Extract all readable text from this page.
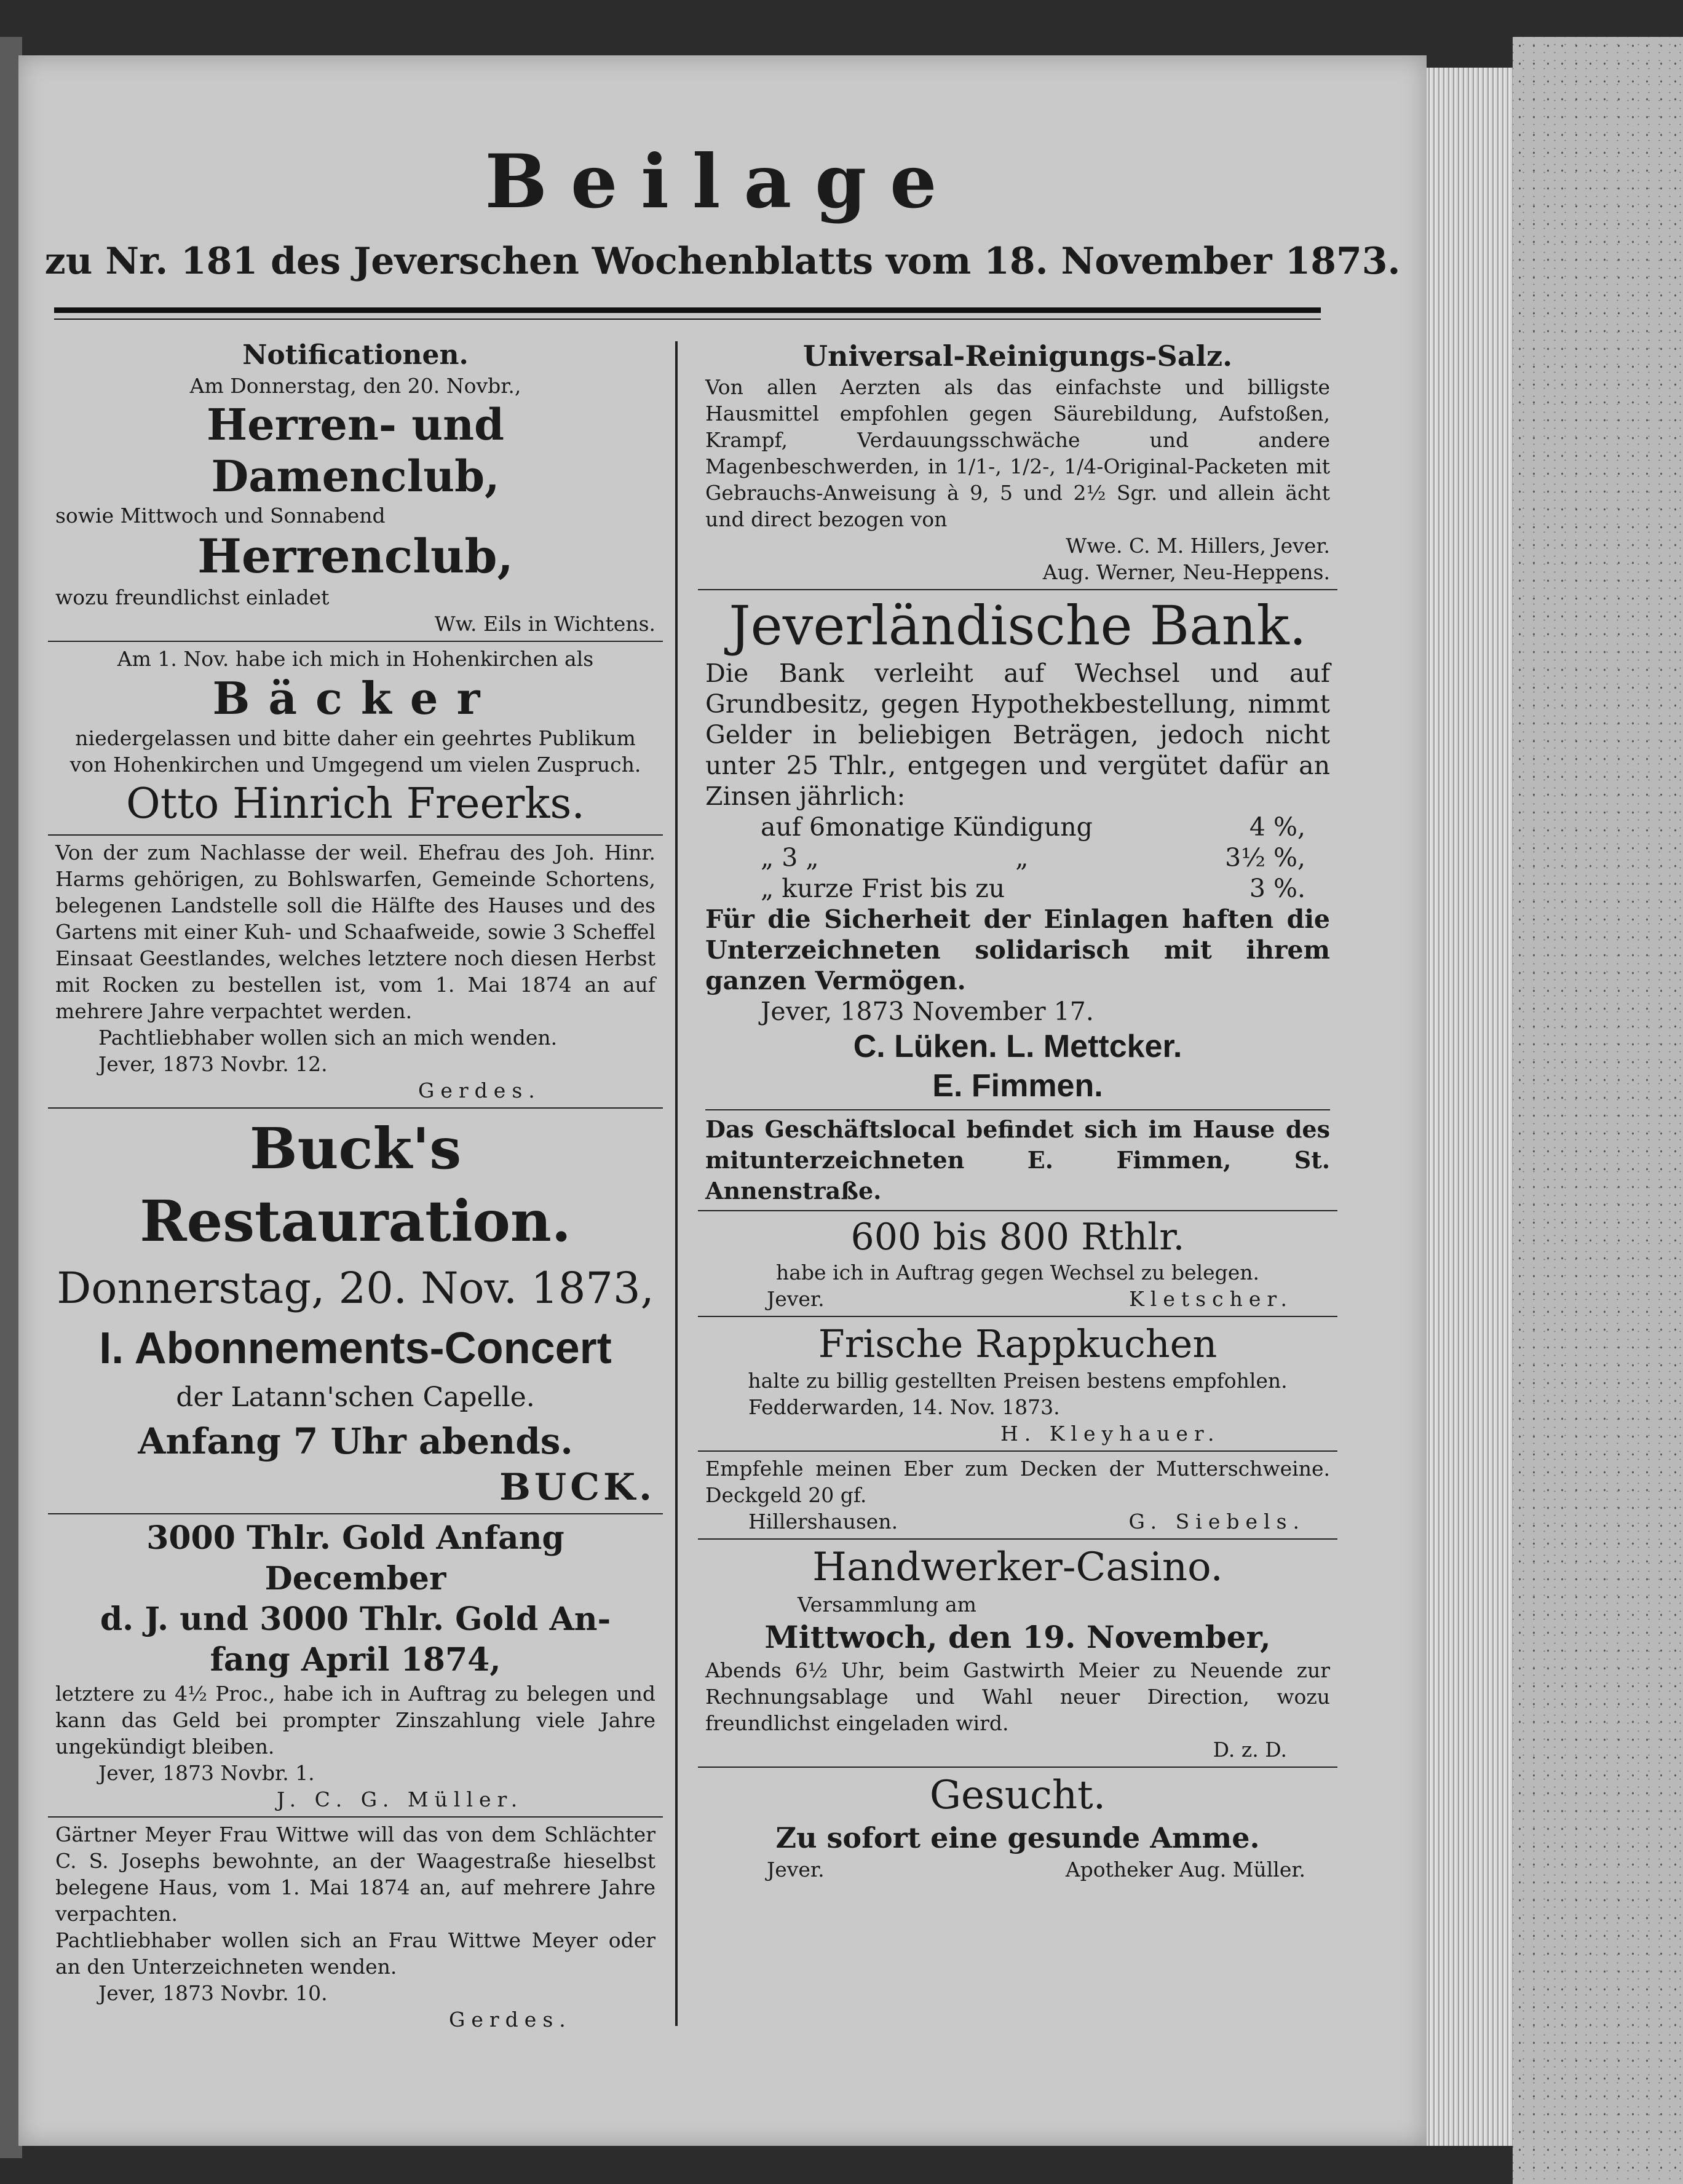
Beilage
zu Nr. 181 des Jeverschen Wochenblatts vom 18. November 1873.
Notificationen.
Am Donnerstag, den 20. Novbr.,
Herren- und Damenclub,
sowie Mittwoch und Sonnabend
Herrenclub,
wozu freundlichst einladet
Ww. Eils in Wichtens.
Am 1. Nov. habe ich mich in Hohenkirchen als
Bäcker
niedergelassen und bitte daher ein geehrtes Publikum
von Hohenkirchen und Umgegend um vielen Zuspruch.
Otto Hinrich Freerks.
Von der zum Nachlasse der weil. Ehefrau des Joh. Hinr. Harms gehörigen, zu Bohlswarfen, Gemeinde Schortens, belegenen Landstelle soll die Hälfte des Hauses und des Gartens mit einer Kuh- und Schaafweide, sowie 3 Scheffel Einsaat Geestlandes, welches letztere noch diesen Herbst mit Rocken zu bestellen ist, vom 1. Mai 1874 an auf mehrere Jahre verpachtet werden.
Pachtliebhaber wollen sich an mich wenden.
Jever, 1873 Novbr. 12.
Gerdes.
Buck's Restauration.
Donnerstag, 20. Nov. 1873,
I. Abonnements-Concert
der Latann'schen Capelle.
Anfang 7 Uhr abends.
BUCK.
3000 Thlr. Gold Anfang December
d. J. und 3000 Thlr. Gold An-
fang April 1874,
letztere zu 4½ Proc., habe ich in Auftrag zu belegen und kann das Geld bei prompter Zinszahlung viele Jahre ungekündigt bleiben.
Jever, 1873 Novbr. 1.
J. C. G. Müller.
Gärtner Meyer Frau Wittwe will das von dem Schlächter C. S. Josephs bewohnte, an der Waagestraße hieselbst belegene Haus, vom 1. Mai 1874 an, auf mehrere Jahre verpachten.
Pachtliebhaber wollen sich an Frau Wittwe Meyer oder an den Unterzeichneten wenden.
Jever, 1873 Novbr. 10.
Gerdes.
Universal-Reinigungs-Salz.
Von allen Aerzten als das einfachste und billigste Hausmittel empfohlen gegen Säurebildung, Aufstoßen, Krampf, Verdauungsschwäche und andere Magenbeschwerden, in 1/1-, 1/2-, 1/4-Original-Packeten mit Gebrauchs-Anweisung à 9, 5 und 2½ Sgr. und allein ächt und direct bezogen von
Wwe. C. M. Hillers, Jever.
Aug. Werner, Neu-Heppens.
Jeverländische Bank.
Die Bank verleiht auf Wechsel und auf Grundbesitz, gegen Hypothekbestellung, nimmt Gelder in beliebigen Beträgen, jedoch nicht unter 25 Thlr., entgegen und vergütet dafür an Zinsen jährlich:
auf 6monatige Kündigung	4 %,
„ 3 „	„	3½ %,
„ kurze Frist bis zu	3 %.
Für die Sicherheit der Einlagen haften die Unterzeichneten solidarisch mit ihrem ganzen Vermögen.
Jever, 1873 November 17.
C. Lüken. L. Mettcker.
E. Fimmen.
Das Geschäftslocal befindet sich im Hause des mitunterzeichneten E. Fimmen, St. Annenstraße.
600 bis 800 Rthlr.
habe ich in Auftrag gegen Wechsel zu belegen.
Jever.	Kletscher.
Frische Rappkuchen
halte zu billig gestellten Preisen bestens empfohlen.
Fedderwarden, 14. Nov. 1873.
H. Kleyhauer.
Empfehle meinen Eber zum Decken der Mutterschweine. Deckgeld 20 gf.
Hillershausen.	G. Siebels.
Handwerker-Casino.
Versammlung am
Mittwoch, den 19. November,
Abends 6½ Uhr, beim Gastwirth Meier zu Neuende zur Rechnungsablage und Wahl neuer Direction, wozu freundlichst eingeladen wird.
D. z. D.
Gesucht.
Zu sofort eine gesunde Amme.
Jever.	Apotheker Aug. Müller.
